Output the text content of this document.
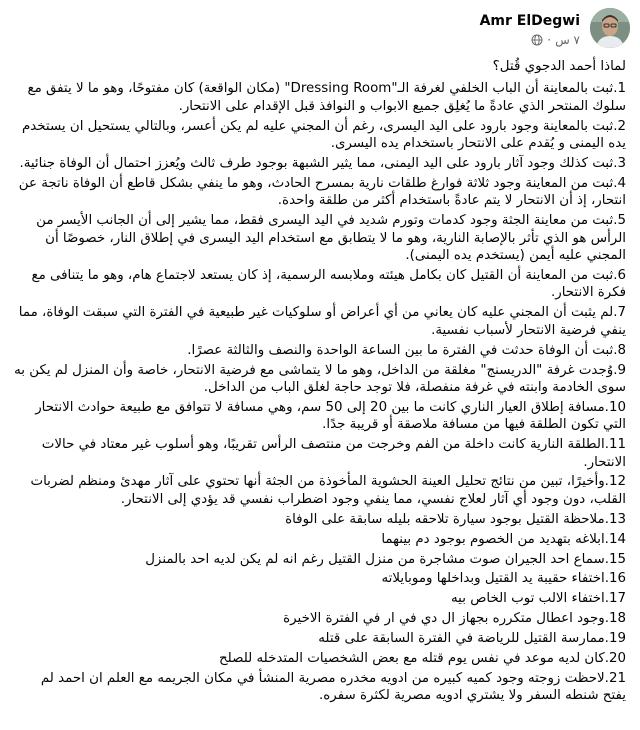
Amr ElDegwi
٧ س
·

لماذا أحمد الدجوي قُتل؟

1.ثبت بالمعاينة أن الباب الخلفي لغرفة الـ"Dressing Room" (مكان الواقعة) كان مفتوحًا، وهو ما لا يتفق مع سلوك المنتحر الذي عادةً ما يُغلِق جميع الابواب و النوافذ قبل الإقدام على الانتحار.

2.ثبت بالمعاينة وجود بارود على اليد اليسرى، رغم أن المجني عليه لم يكن أعسر، وبالتالي يستحيل ان يستخدم يده اليمنى و يُقدم على الانتحار باستخدام يده اليسرى.

3.ثبت كذلك وجود آثار بارود على اليد اليمنى، مما يثير الشبهة بوجود طرف ثالث ويُعزز احتمال أن الوفاة جنائية.

4.ثبت من المعاينة وجود ثلاثة فوارغ طلقات نارية بمسرح الحادث، وهو ما ينفي بشكل قاطع أن الوفاة ناتجة عن انتحار، إذ أن الانتحار لا يتم عادةً باستخدام أكثر من طلقة واحدة.

5.ثبت من معاينة الجثة وجود كدمات وتورم شديد في اليد اليسرى فقط، مما يشير إلى أن الجانب الأيسر من الرأس هو الذي تأثر بالإصابة النارية، وهو ما لا يتطابق مع استخدام اليد اليسرى في إطلاق النار، خصوصًا أن المجني عليه أيمن (يستخدم يده اليمنى).

6.ثبت من المعاينة أن القتيل كان بكامل هيئته وملابسه الرسمية، إذ كان يستعد لاجتماع هام، وهو ما يتنافى مع فكرة الانتحار.

7.لم يثبت أن المجني عليه كان يعاني من أي أعراض أو سلوكيات غير طبيعية في الفترة التي سبقت الوفاة، مما ينفي فرضية الانتحار لأسباب نفسية.

8.ثبت أن الوفاة حدثت في الفترة ما بين الساعة الواحدة والنصف والثالثة عصرًا.

9.وُجدت غرفة "الدريسنج" مغلقة من الداخل، وهو ما لا يتماشى مع فرضية الانتحار، خاصة وأن المنزل لم يكن به سوى الخادمة وابنته في غرفة منفصلة، فلا توجد حاجة لغلق الباب من الداخل.

10.مسافة إطلاق العيار الناري كانت ما بين 20 إلى 50 سم، وهي مسافة لا تتوافق مع طبيعة حوادث الانتحار التي تكون الطلقة فيها من مسافة ملاصقة أو قريبة جدًا.

11.الطلقة النارية كانت داخلة من الفم وخرجت من منتصف الرأس تقريبًا، وهو أسلوب غير معتاد في حالات الانتحار.

12.وأخيرًا، تبين من نتائج تحليل العينة الحشوية المأخوذة من الجثة أنها تحتوي على آثار مهدئ ومنظم لضربات القلب، دون وجود أي آثار لعلاج نفسي، مما ينفي وجود اضطراب نفسي قد يؤدي إلى الانتحار.

13.ملاحظة القتيل بوجود سيارة تلاحقه بليله سابقة على الوفاة

14.ابلاغه بتهديد من الخصوم بوجود دم بينهما

15.سماع احد الجيران صوت مشاجرة من منزل القتيل رغم انه لم يكن لديه احد بالمنزل

16.اختفاء حقيبة يد القتيل وبداخلها وموبايلاته

17.اختفاء الالب توب الخاص بيه

18.وجود اعطال متكرره بجهاز ال دي في ار في الفترة الاخيرة

19.ممارسة القتيل للرياضة في الفترة السابقة على قتله

20.كان لديه موعد في نفس يوم قتله مع بعض الشخصيات المتدخله للصلح

21.لاحظت زوجته وجود كميه كبيره من ادويه مخدره مصرية المنشأ في مكان الجريمه مع العلم ان احمد لم يفتح شنطه السفر ولا يشتري ادويه مصرية لكثرة سفره.
